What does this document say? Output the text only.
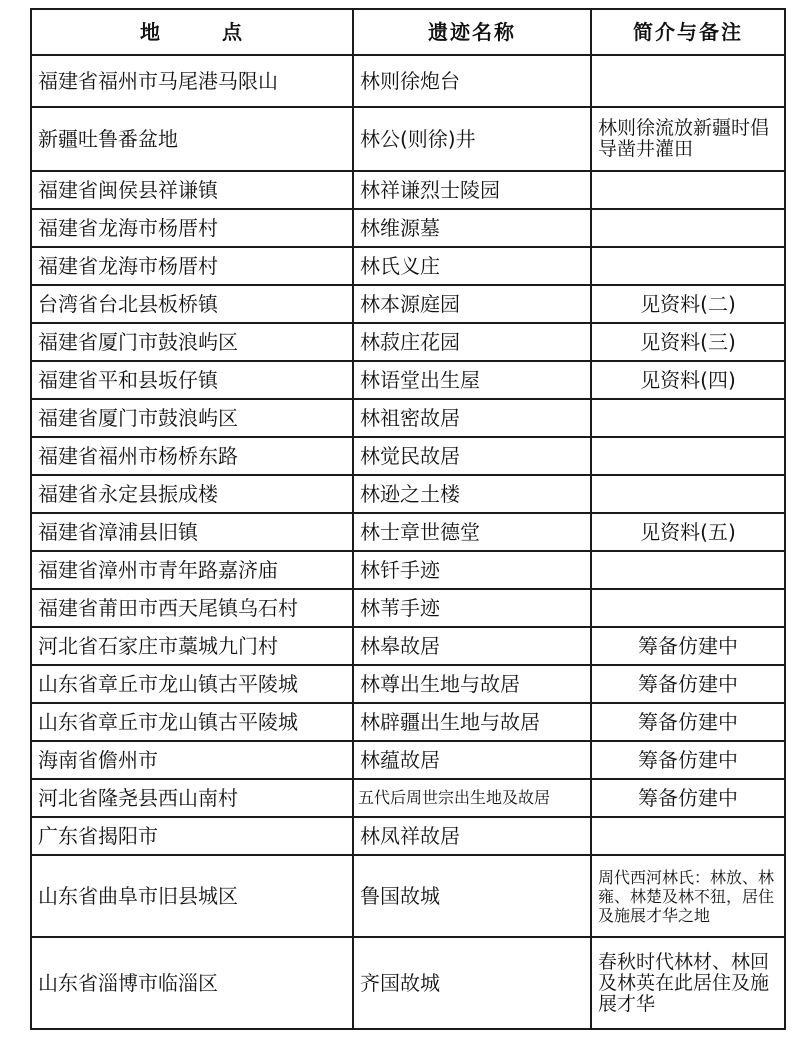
地 点	遗迹名称	简介与备注
福建省福州市马尾港马限山	林则徐炮台	
新疆吐鲁番盆地	林公(则徐)井	林则徐流放新疆时倡导凿井灌田
福建省闽侯县祥谦镇	林祥谦烈士陵园	
福建省龙海市杨厝村	林维源墓	
福建省龙海市杨厝村	林氏义庄	
台湾省台北县板桥镇	林本源庭园	见资料(二)
福建省厦门市鼓浪屿区	林菽庄花园	见资料(三)
福建省平和县坂仔镇	林语堂出生屋	见资料(四)
福建省厦门市鼓浪屿区	林祖密故居	
福建省福州市杨桥东路	林觉民故居	
福建省永定县振成楼	林逊之土楼	
福建省漳浦县旧镇	林士章世德堂	见资料(五)
福建省漳州市青年路嘉济庙	林钎手迹	
福建省莆田市西天尾镇乌石村	林苇手迹	
河北省石家庄市藁城九门村	林皋故居	筹备仿建中
山东省章丘市龙山镇古平陵城	林尊出生地与故居	筹备仿建中
山东省章丘市龙山镇古平陵城	林辟疆出生地与故居	筹备仿建中
海南省儋州市	林蕴故居	筹备仿建中
河北省隆尧县西山南村	五代后周世宗出生地及故居	筹备仿建中
广东省揭阳市	林凤祥故居	
山东省曲阜市旧县城区	鲁国故城	周代西河林氏：林放、林雍、林楚及林不狃，居住及施展才华之地
山东省淄博市临淄区	齐国故城	春秋时代林材、林回及林英在此居住及施展才华
